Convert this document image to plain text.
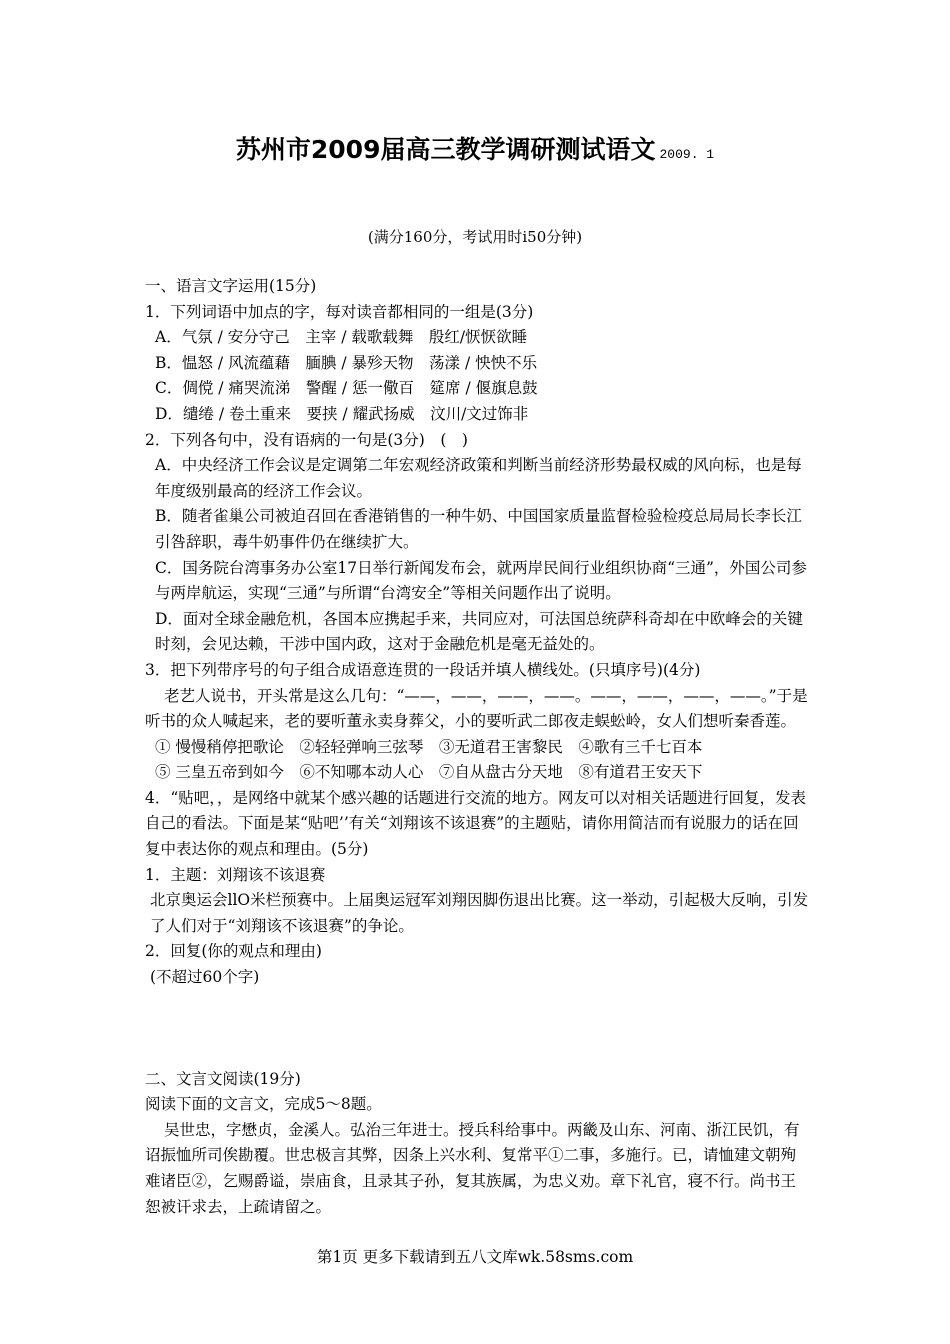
苏州市2009届高三教学调研测试语文 2009. 1
(满分160分，考试用时i50分钟)

一、语言文字运用(15分)

1．下列词语中加点的字，每对读音都相同的一组是(3分)

A．气氛 / 安分守己　主宰 / 载歌载舞　殷红/恹恹欲睡

B．愠怒 / 风流蕴藉　腼腆 / 暴殄天物　荡漾 / 怏怏不乐

C．倜傥 / 痛哭流涕　警醒 / 惩一儆百　筵席 / 偃旗息鼓

D．缱绻 / 卷土重来　要挟 / 耀武扬威　汶川/文过饰非

2．下列各句中，没有语病的一句是(3分)　(　)

A．中央经济工作会议是定调第二年宏观经济政策和判断当前经济形势最权威的风向标，也是每年度级别最高的经济工作会议。

B．随者雀巢公司被迫召回在香港销售的一种牛奶、中国国家质量监督检验检疫总局局长李长江引咎辞职，毒牛奶事件仍在继续扩大。

C．国务院台湾事务办公室17日举行新闻发布会，就两岸民间行业组织协商“三通”，外国公司参与两岸航运，实现“三通”与所谓“台湾安全”等相关问题作出了说明。

D．面对全球金融危机，各国本应携起手来，共同应对，可法国总统萨科奇却在中欧峰会的关键时刻，会见达赖，干涉中国内政，这对于金融危机是毫无益处的。

3．把下列带序号的句子组合成语意连贯的一段话并填人横线处。(只填序号)(4分)

老艺人说书，开头常是这么几句：“——，——，——，——。——，——，——，——。”于是听书的众人喊起来，老的要听董永卖身葬父，小的要听武二郎夜走蜈蚣岭，女人们想听秦香莲。

① 慢慢稍停把歌论　②轻轻弹响三弦琴　③无道君王害黎民　④歌有三千七百本

⑤ 三皇五帝到如今　⑥不知哪本动人心　⑦自从盘古分天地　⑧有道君王安天下

4．“贴吧，，是网络中就某个感兴趣的话题进行交流的地方。网友可以对相关话题进行回复，发表自己的看法。下面是某“贴吧’’有关“刘翔该不该退赛”的主题贴，请你用简洁而有说服力的话在回复中表达你的观点和理由。(5分)

1．主题：刘翔该不该退赛

北京奥运会llO米栏预赛中。上届奥运冠军刘翔因脚伤退出比赛。这一举动，引起极大反响，引发了人们对于“刘翔该不该退赛”的争论。

2．回复(你的观点和理由)

(不超过60个字)

二、文言文阅读(19分)

阅读下面的文言文，完成5～8题。

吴世忠，字懋贞，金溪人。弘治三年进士。授兵科给事中。两畿及山东、河南、浙江民饥，有诏振恤所司俟勘覆。世忠极言其弊，因条上兴水利、复常平①二事，多施行。已，请恤建文朝殉难诸臣②，乞赐爵谥，崇庙食，且录其子孙，复其族属，为忠义劝。章下礼官，寝不行。尚书王恕被讦求去，上疏请留之。

第1页 更多下载请到五八文库wk.58sms.com
